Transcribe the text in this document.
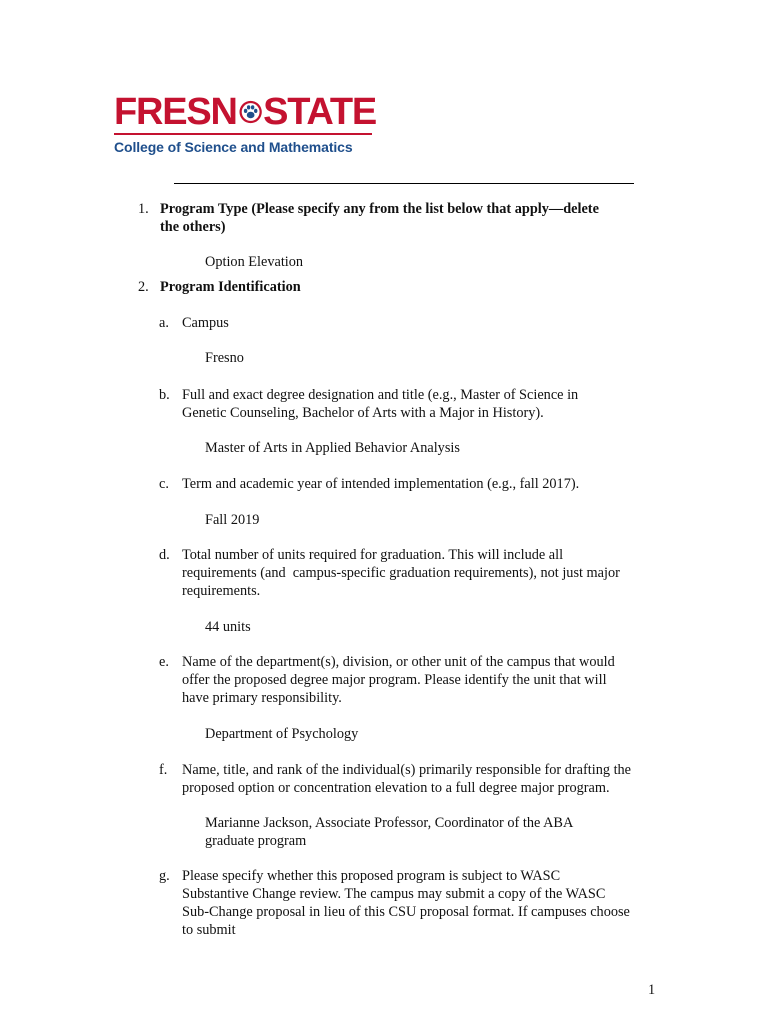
FRESN STATE
College of Science and Mathematics
1. Program Type (Please specify any from the list below that apply—delete
the others)
Option Elevation
2. Program Identification
a. Campus
Fresno
b. Full and exact degree designation and title (e.g., Master of Science in
Genetic Counseling, Bachelor of Arts with a Major in History).
Master of Arts in Applied Behavior Analysis
c. Term and academic year of intended implementation (e.g., fall 2017).
Fall 2019
d. Total number of units required for graduation. This will include all
requirements (and  campus-specific graduation requirements), not just major
requirements.
44 units
e. Name of the department(s), division, or other unit of the campus that would
offer the proposed degree major program. Please identify the unit that will
have primary responsibility.
Department of Psychology
f. Name, title, and rank of the individual(s) primarily responsible for drafting the
proposed option or concentration elevation to a full degree major program.
Marianne Jackson, Associate Professor, Coordinator of the ABA
graduate program
g. Please specify whether this proposed program is subject to WASC
Substantive Change review. The campus may submit a copy of the WASC
Sub-Change proposal in lieu of this CSU proposal format. If campuses choose
to submit
1
